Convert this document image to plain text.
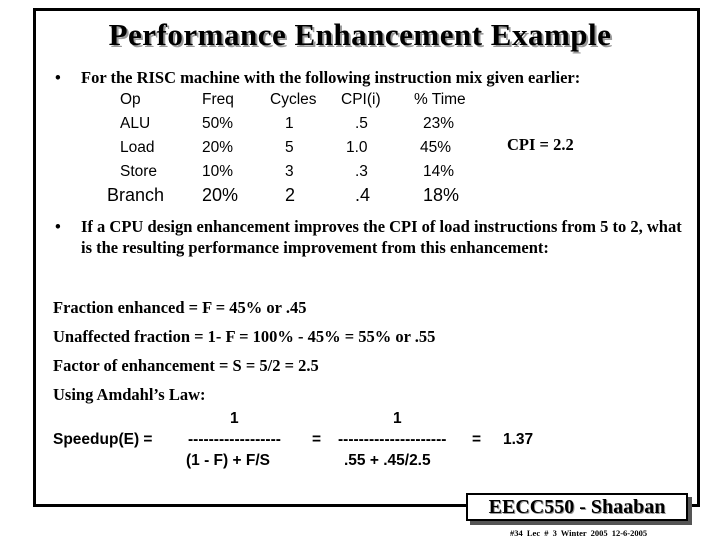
Performance Enhancement Example
• For the RISC machine with the following instruction mix given earlier:
Op	Freq Cycles CPI(i) % Time
ALU	50%	1	.5	23%
Load	20%	5	1.0	45%
Store	10%	3	.3	14%
Branch 20%	2	.4	18%
CPI = 2.2
• If a CPU design enhancement improves the CPI of load instructions from 5 to 2, what is the resulting performance improvement from this enhancement:
Fraction enhanced = F = 45% or .45
Unaffected fraction = 1- F = 100% - 45% = 55% or .55
Factor of enhancement = S = 5/2 = 2.5
Using Amdahl’s Law:
1	1
Speedup(E) = ------------------ = --------------------- = 1.37
(1 - F) + F/S	.55 + .45/2.5
EECC550 - Shaaban
#34 Lec # 3 Winter 2005 12-6-2005
